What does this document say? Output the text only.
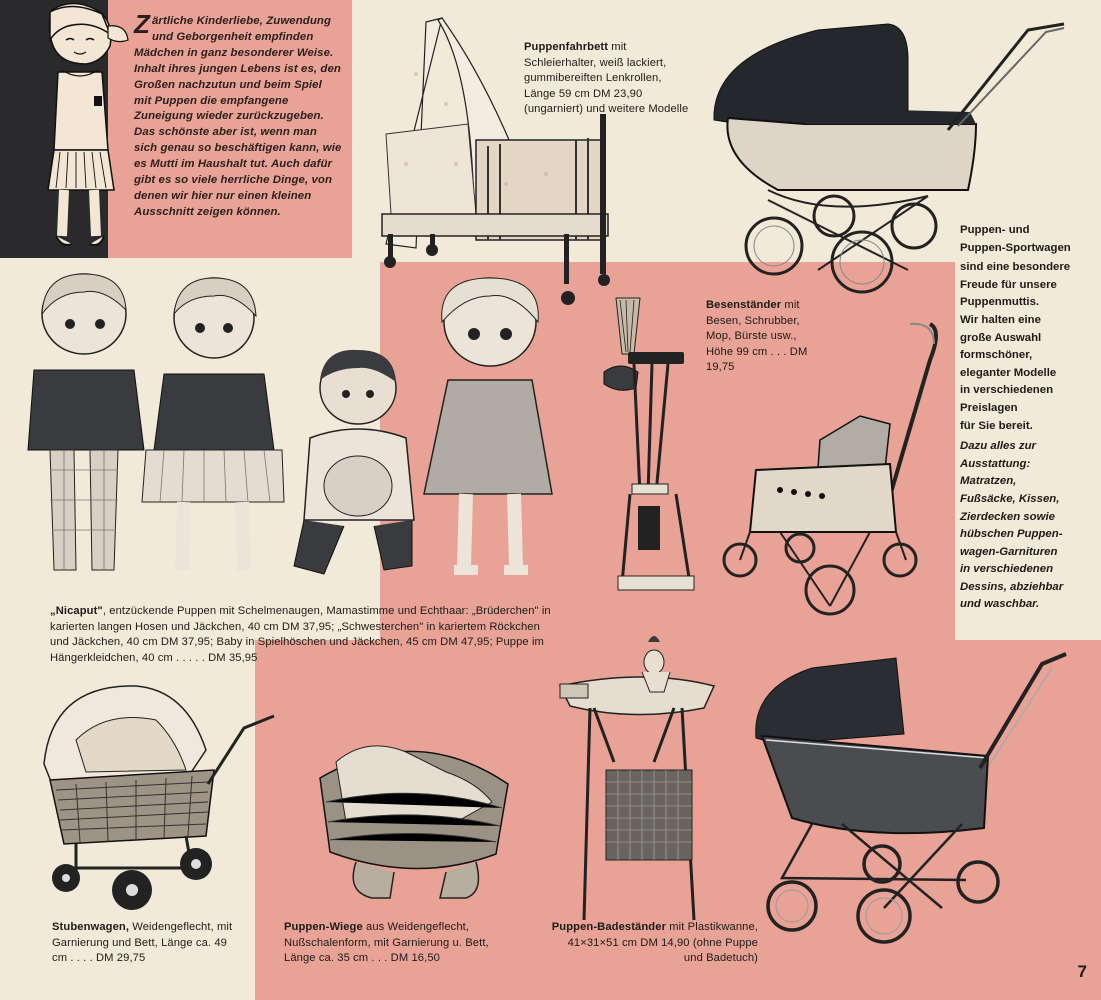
Zärtliche Kinderliebe, Zuwendung und Geborgenheit empfinden Mädchen in ganz besonderer Weise. Inhalt ihres jungen Lebens ist es, den Großen nachzutun und beim Spiel mit Puppen die empfangene Zuneigung wieder zurückzugeben. Das schönste aber ist, wenn man sich genau so beschäftigen kann, wie es Mutti im Haushalt tut. Auch dafür gibt es so viele herrliche Dinge, von denen wir hier nur einen kleinen Ausschnitt zeigen können.
Puppenfahrbett mit Schleierhalter, weiß lackiert, gummibereiften Lenkrollen, Länge 59 cm DM 23,90 (ungarniert) und weitere Modelle
Puppen- und
Puppen-Sportwagen
sind eine besondere
Freude für unsere
Puppenmuttis.
Wir halten eine
große Auswahl
formschöner,
eleganter Modelle
in verschiedenen
Preislagen
für Sie bereit.
Dazu alles zur
Ausstattung:
Matratzen,
Fußsäcke, Kissen,
Zierdecken sowie
hübschen Puppen-
wagen-Garnituren
in verschiedenen
Dessins, abziehbar
und waschbar.
Besenständer mit Besen, Schrubber, Mop, Bürste usw., Höhe 99 cm . . . DM 19,75
„Nicaput", entzückende Puppen mit Schelmenaugen, Mamastimme und Echthaar: „Brüderchen" in karierten langen Hosen und Jäckchen, 40 cm DM 37,95; „Schwesterchen" in kariertem Röckchen und Jäckchen, 40 cm DM 37,95; Baby in Spielhöschen und Jäckchen, 45 cm DM 47,95; Puppe im Hängerkleidchen, 40 cm . . . . . DM 35,95
Stubenwagen, Weidengeflecht, mit Garnierung und Bett, Länge ca. 49 cm . . . . DM 29,75
Puppen-Wiege aus Weidengeflecht, Nußschalenform, mit Garnierung u. Bett, Länge ca. 35 cm . . . DM 16,50
Puppen-Badeständer mit Plastikwanne, 41×31×51 cm DM 14,90 (ohne Puppe und Badetuch)
7
